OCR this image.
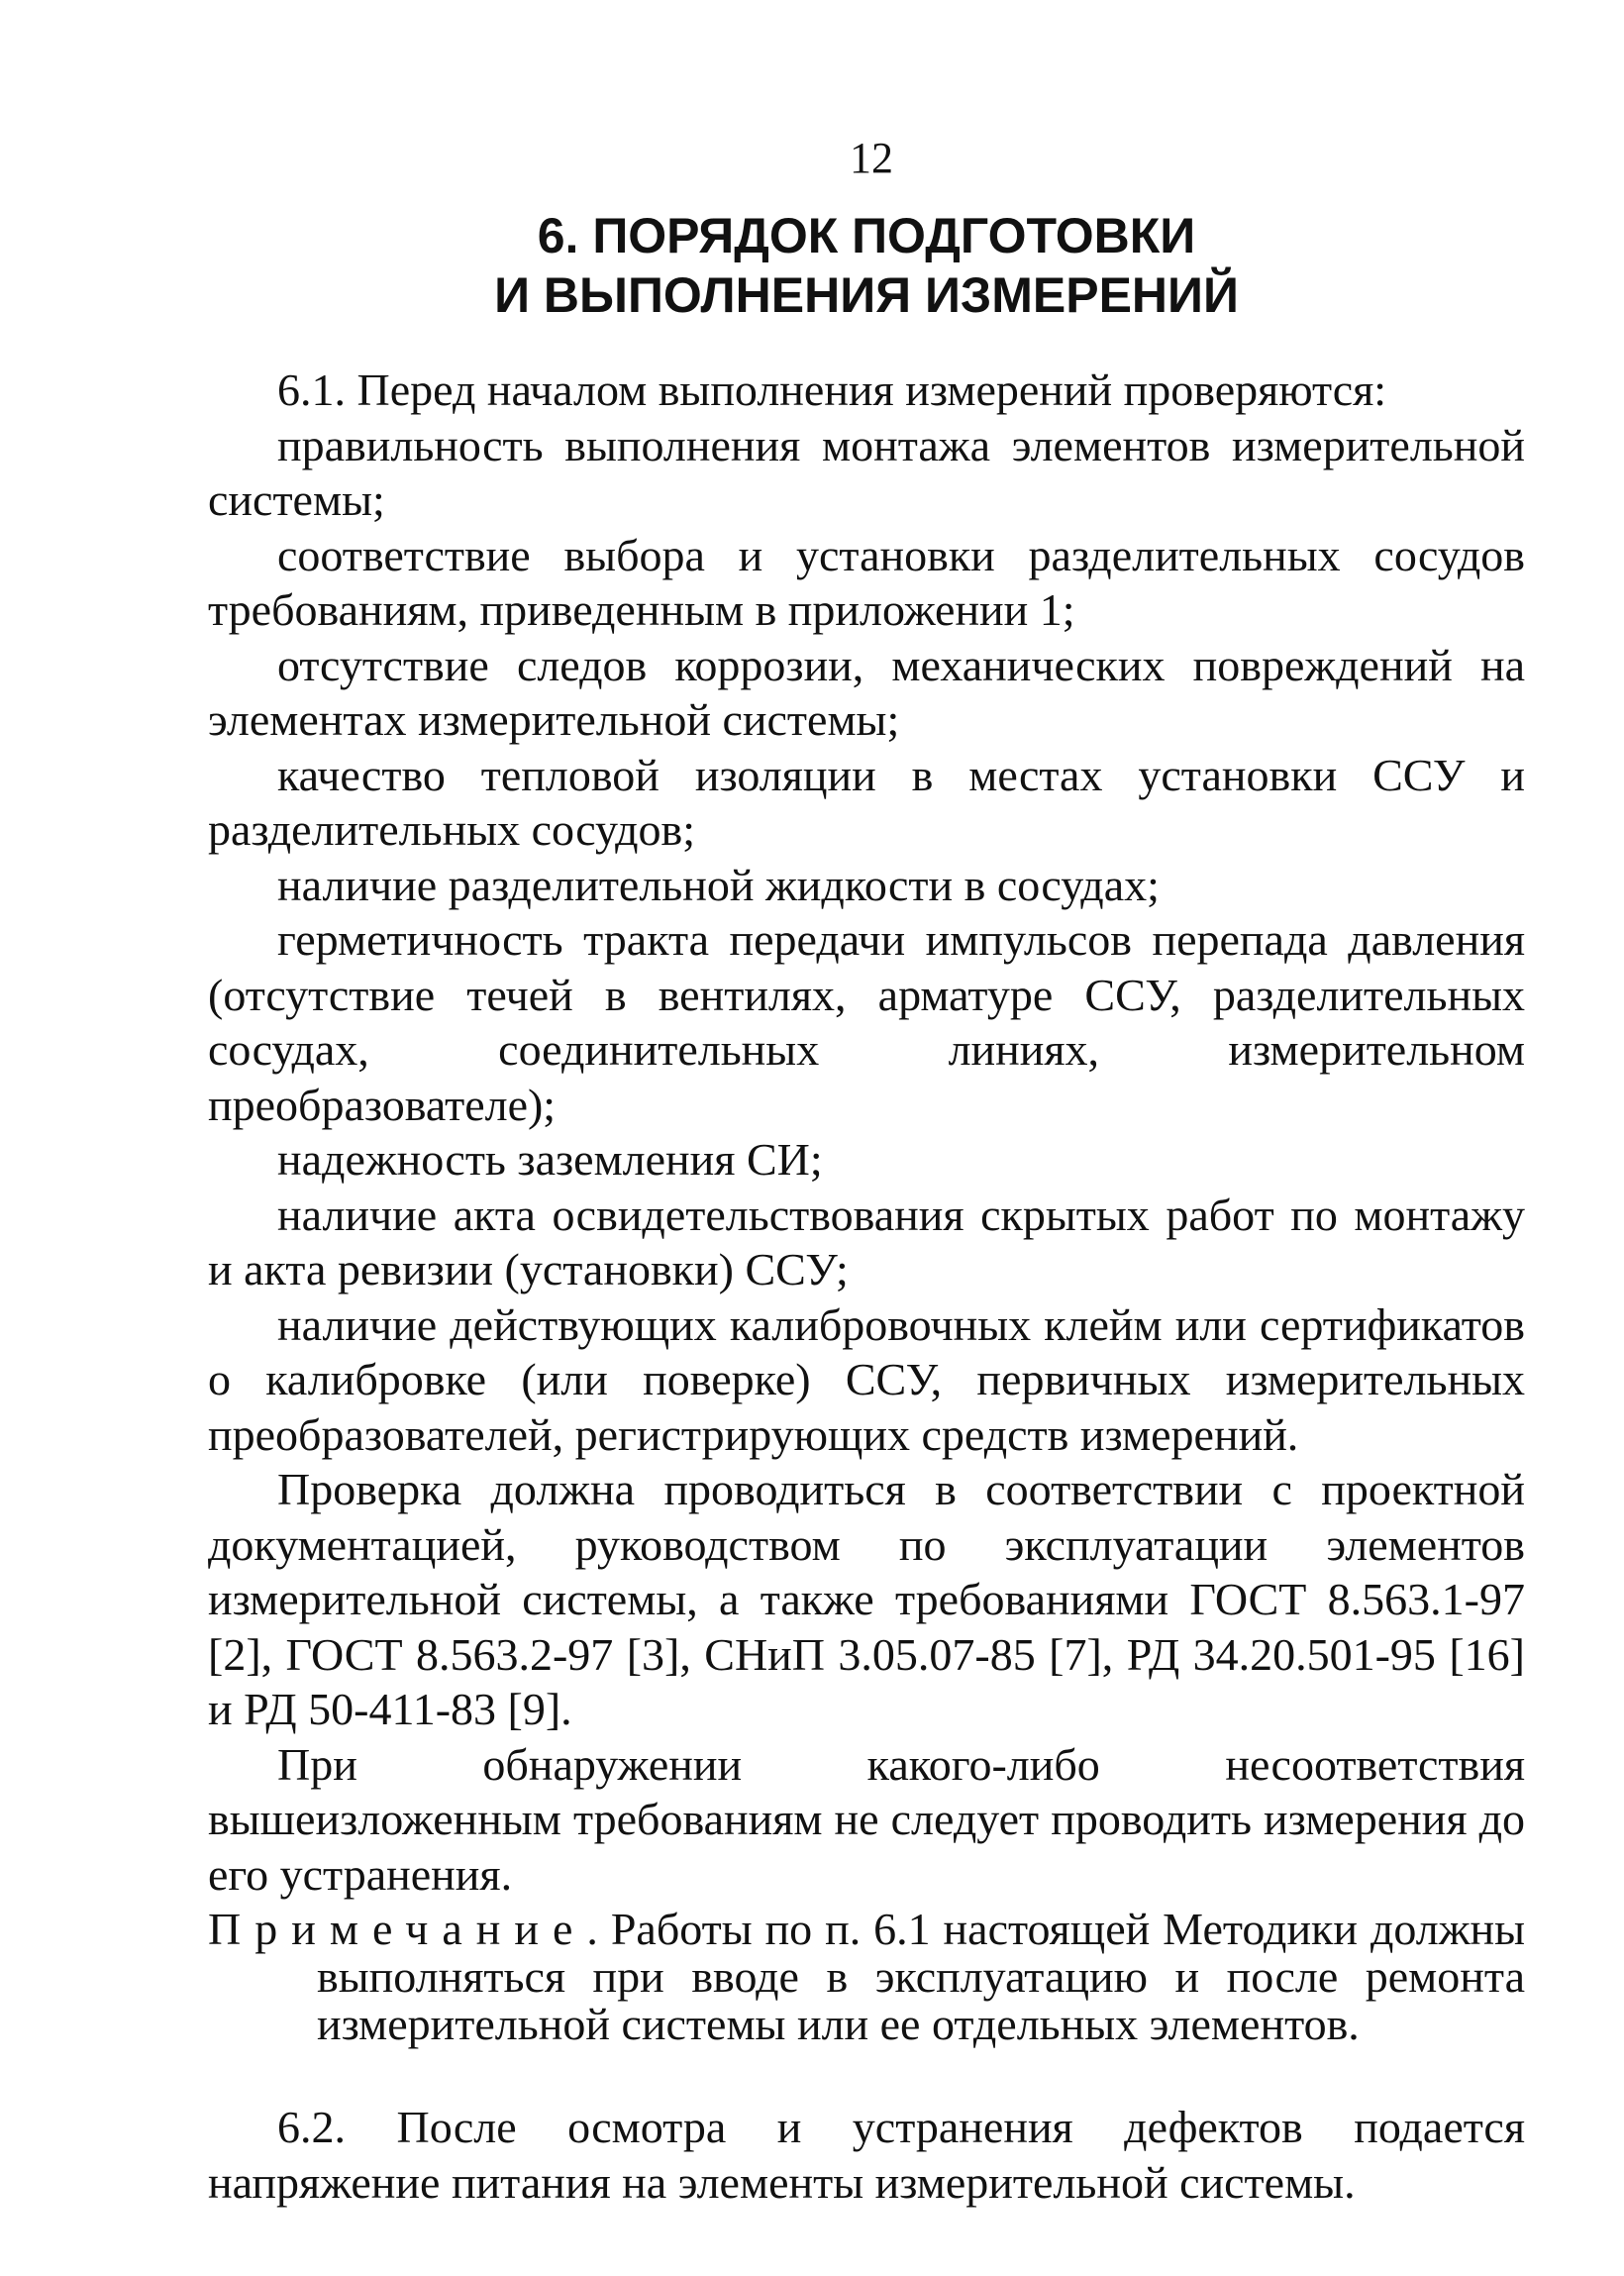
12
6. ПОРЯДОК ПОДГОТОВКИ
И ВЫПОЛНЕНИЯ ИЗМЕРЕНИЙ

6.1. Перед началом выполнения измерений проверяются:

правильность выполнения монтажа элементов измерительной системы;

соответствие выбора и установки разделительных сосудов требованиям, приведенным в приложении 1;

отсутствие следов коррозии, механических повреждений на элементах измерительной системы;

качество тепловой изоляции в местах установки ССУ и разделительных сосудов;

наличие разделительной жидкости в сосудах;

герметичность тракта передачи импульсов перепада давления (отсутствие течей в вентилях, арматуре ССУ, разделительных сосудах, соединительных линиях, измерительном преобразователе);

надежность заземления СИ;

наличие акта освидетельствования скрытых работ по монтажу и акта ревизии (установки) ССУ;

наличие действующих калибровочных клейм или сертификатов о калибровке (или поверке) ССУ, первичных измерительных преобразователей, регистрирующих средств измерений.

Проверка должна проводиться в соответствии с проектной документацией, руководством по эксплуатации элементов измерительной системы, а также требованиями ГОСТ 8.563.1-97 [2], ГОСТ 8.563.2-97 [3], СНиП 3.05.07-85 [7], РД 34.20.501-95 [16] и РД 50-411-83 [9].

При обнаружении какого-либо несоответствия вышеизложенным требованиям не следует проводить измерения до его устранения.

Примечание. Работы по п. 6.1 настоящей Методики должны выполняться при вводе в эксплуатацию и после ремонта измерительной системы или ее отдельных элементов.

6.2. После осмотра и устранения дефектов подается напряжение питания на элементы измерительной системы.
